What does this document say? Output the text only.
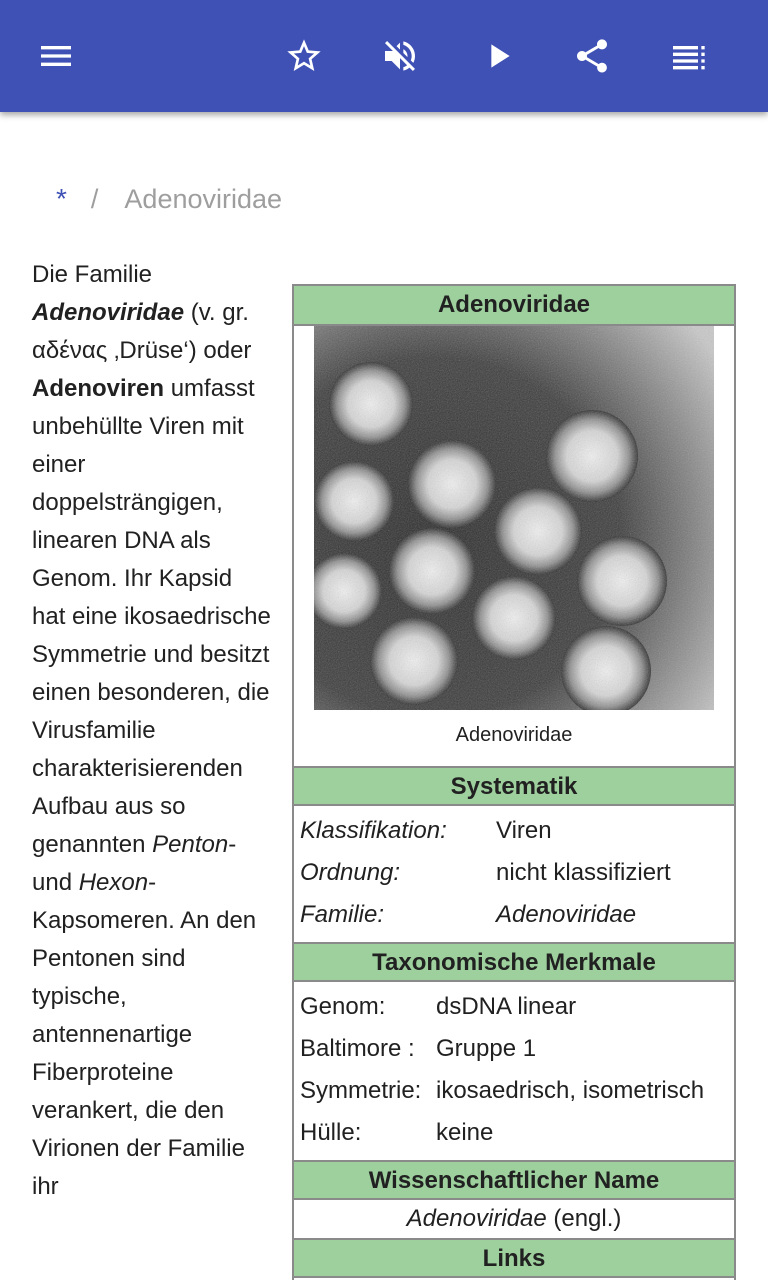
* / Adenoviridae
Die Familie Adenoviridae (v. gr. αδένας ‚Drüse‘) oder Adenoviren umfasst unbehüllte Viren mit einer doppelsträngigen, linearen DNA als Genom. Ihr Kapsid hat eine ikosaedrische Symmetrie und besitzt einen besonderen, die Virusfamilie charakterisierenden Aufbau aus so genannten Penton- und Hexon-Kapsomeren. An den Pentonen sind typische, antennenartige Fiberproteine verankert, die den Virionen der Familie ihr
Adenoviridae
Adenoviridae
Systematik
Klassifikation:	Viren
Ordnung:	nicht klassifiziert
Familie:	Adenoviridae
Taxonomische Merkmale
Genom:	dsDNA linear
Baltimore : Gruppe 1
Symmetrie: ikosaedrisch, isometrisch
Hülle:	keine
Wissenschaftlicher Name
Adenoviridae (engl.)
Links
